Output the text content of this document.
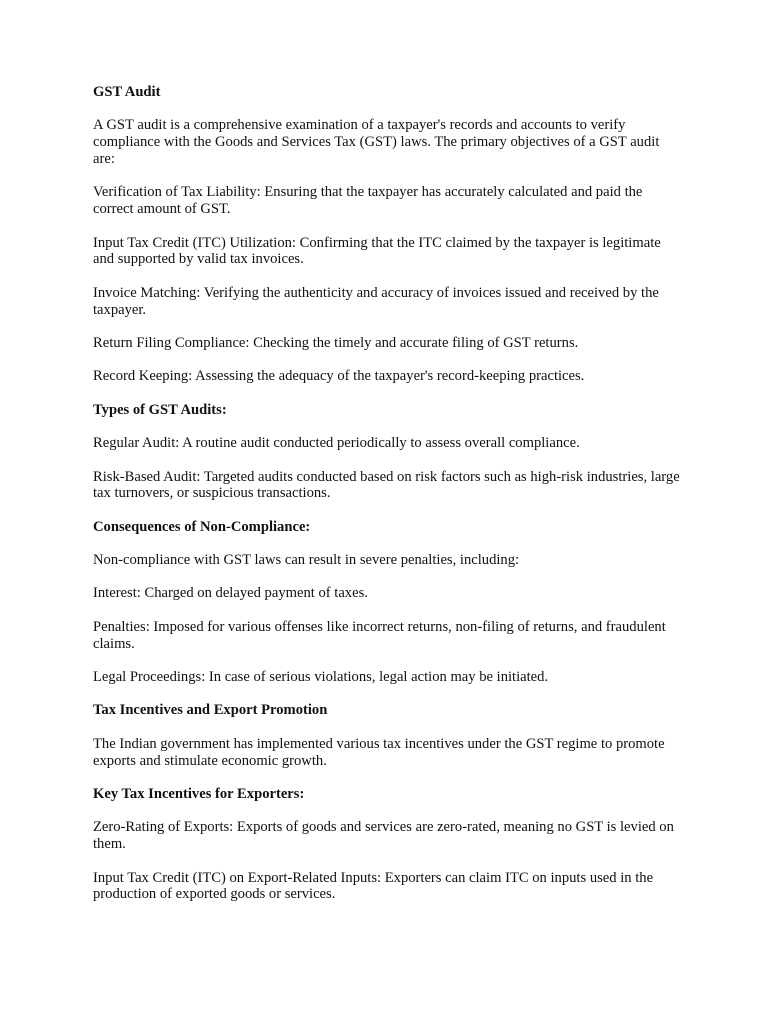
GST Audit

A GST audit is a comprehensive examination of a taxpayer's records and accounts to verify compliance with the Goods and Services Tax (GST) laws. The primary objectives of a GST audit are:

Verification of Tax Liability: Ensuring that the taxpayer has accurately calculated and paid the correct amount of GST.

Input Tax Credit (ITC) Utilization: Confirming that the ITC claimed by the taxpayer is legitimate and supported by valid tax invoices.

Invoice Matching: Verifying the authenticity and accuracy of invoices issued and received by the taxpayer.

Return Filing Compliance: Checking the timely and accurate filing of GST returns.

Record Keeping: Assessing the adequacy of the taxpayer's record-keeping practices.

Types of GST Audits:

Regular Audit: A routine audit conducted periodically to assess overall compliance.

Risk-Based Audit: Targeted audits conducted based on risk factors such as high-risk industries, large tax turnovers, or suspicious transactions.

Consequences of Non-Compliance:

Non-compliance with GST laws can result in severe penalties, including:

Interest: Charged on delayed payment of taxes.

Penalties: Imposed for various offenses like incorrect returns, non-filing of returns, and fraudulent claims.

Legal Proceedings: In case of serious violations, legal action may be initiated.

Tax Incentives and Export Promotion

The Indian government has implemented various tax incentives under the GST regime to promote exports and stimulate economic growth.

Key Tax Incentives for Exporters:

Zero-Rating of Exports: Exports of goods and services are zero-rated, meaning no GST is levied on them.

Input Tax Credit (ITC) on Export-Related Inputs: Exporters can claim ITC on inputs used in the production of exported goods or services.
